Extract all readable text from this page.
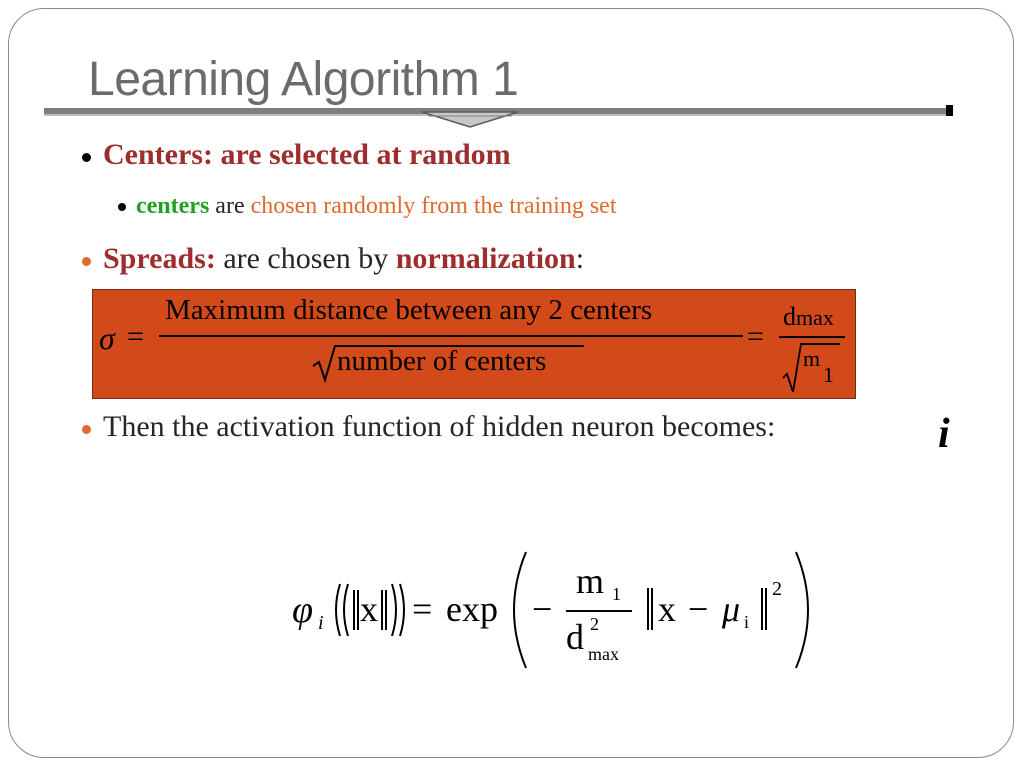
Learning Algorithm 1
Centers: are selected at random
centers are chosen randomly from the training set
Spreads: are chosen by normalization:
σ =
Maximum distance between any 2 centers
number of centers
=
dmax
m
1
Then the activation function of hidden neuron becomes:	i
φ i x = exp −
m 1
d 2
max
x − μ i
2
